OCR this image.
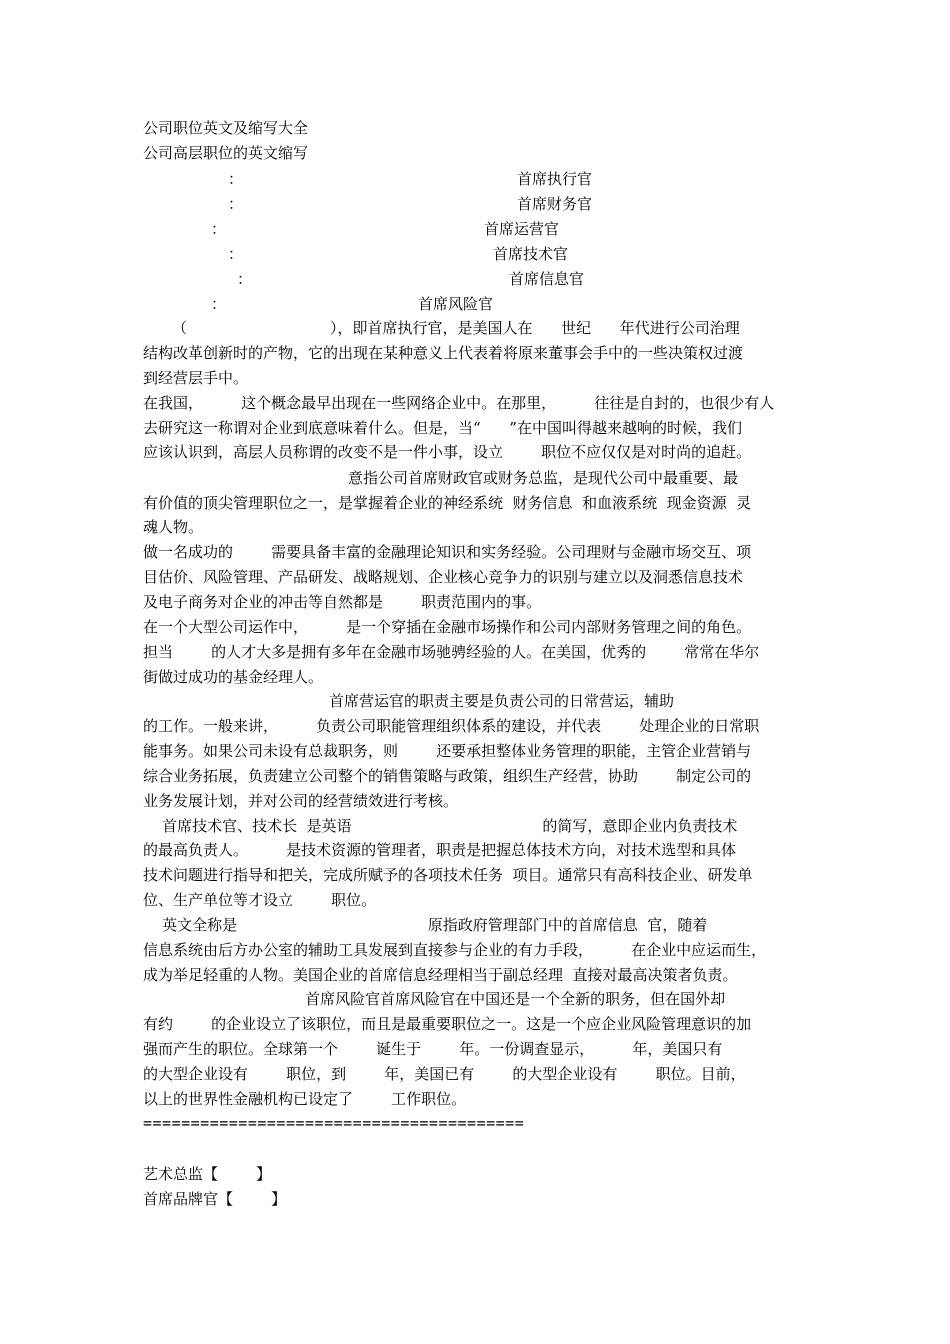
公司职位英文及缩写大全
公司高层职位的英文缩写
：	首席执行官
：	首席财务官
：	首席运营官
：	首席技术官
：	首席信息官
：	首席风险官
（                              ），即首席执行官，是美国人在      世纪      年代进行公司治理
结构改革创新时的产物，它的出现在某种意义上代表着将原来董事会手中的一些决策权过渡
到经营层手中。
在我国，        这个概念最早出现在一些网络企业中。在那里，        往往是自封的，也很少有人
去研究这一称谓对企业到底意味着什么。但是，当“      ”在中国叫得越来越响的时候，我们
应该认识到，高层人员称谓的改变不是一件小事，设立        职位不应仅仅是对时尚的追赶。
意指公司首席财政官或财务总监，是现代公司中最重要、最
有价值的顶尖管理职位之一，是掌握着企业的神经系统  财务信息  和血液系统  现金资源  灵
魂人物。
做一名成功的        需要具备丰富的金融理论知识和实务经验。公司理财与金融市场交互、项
目估价、风险管理、产品研发、战略规划、企业核心竞争力的识别与建立以及洞悉信息技术
及电子商务对企业的冲击等自然都是        职责范围内的事。
在一个大型公司运作中，        是一个穿插在金融市场操作和公司内部财务管理之间的角色。
担当        的人才大多是拥有多年在金融市场驰骋经验的人。在美国，优秀的        常常在华尔
街做过成功的基金经理人。
首席营运官的职责主要是负责公司的日常营运，辅助
的工作。一般来讲，        负责公司职能管理组织体系的建设，并代表        处理企业的日常职
能事务。如果公司未设有总裁职务，则        还要承担整体业务管理的职能，主管企业营销与
综合业务拓展，负责建立公司整个的销售策略与政策，组织生产经营，协助        制定公司的
业务发展计划，并对公司的经营绩效进行考核。
首席技术官、技术长  是英语                                        的简写，意即企业内负责技术
的最高负责人。        是技术资源的管理者，职责是把握总体技术方向，对技术选型和具体
技术问题进行指导和把关，完成所赋予的各项技术任务  项目。通常只有高科技企业、研发单
位、生产单位等才设立        职位。
英文全称是                                        原指政府管理部门中的首席信息  官，随着
信息系统由后方办公室的辅助工具发展到直接参与企业的有力手段，        在企业中应运而生，
成为举足轻重的人物。美国企业的首席信息经理相当于副总经理  直接对最高决策者负责。
首席风险官首席风险官在中国还是一个全新的职务，但在国外却
有约        的企业设立了该职位，而且是最重要职位之一。这是一个应企业风险管理意识的加
强而产生的职位。全球第一个        诞生于        年。一份调查显示，        年，美国只有
的大型企业设有        职位，到        年，美国已有        的大型企业设有        职位。目前，
以上的世界性金融机构已设定了        工作职位。
========================================
艺术总监【        】
首席品牌官【        】
